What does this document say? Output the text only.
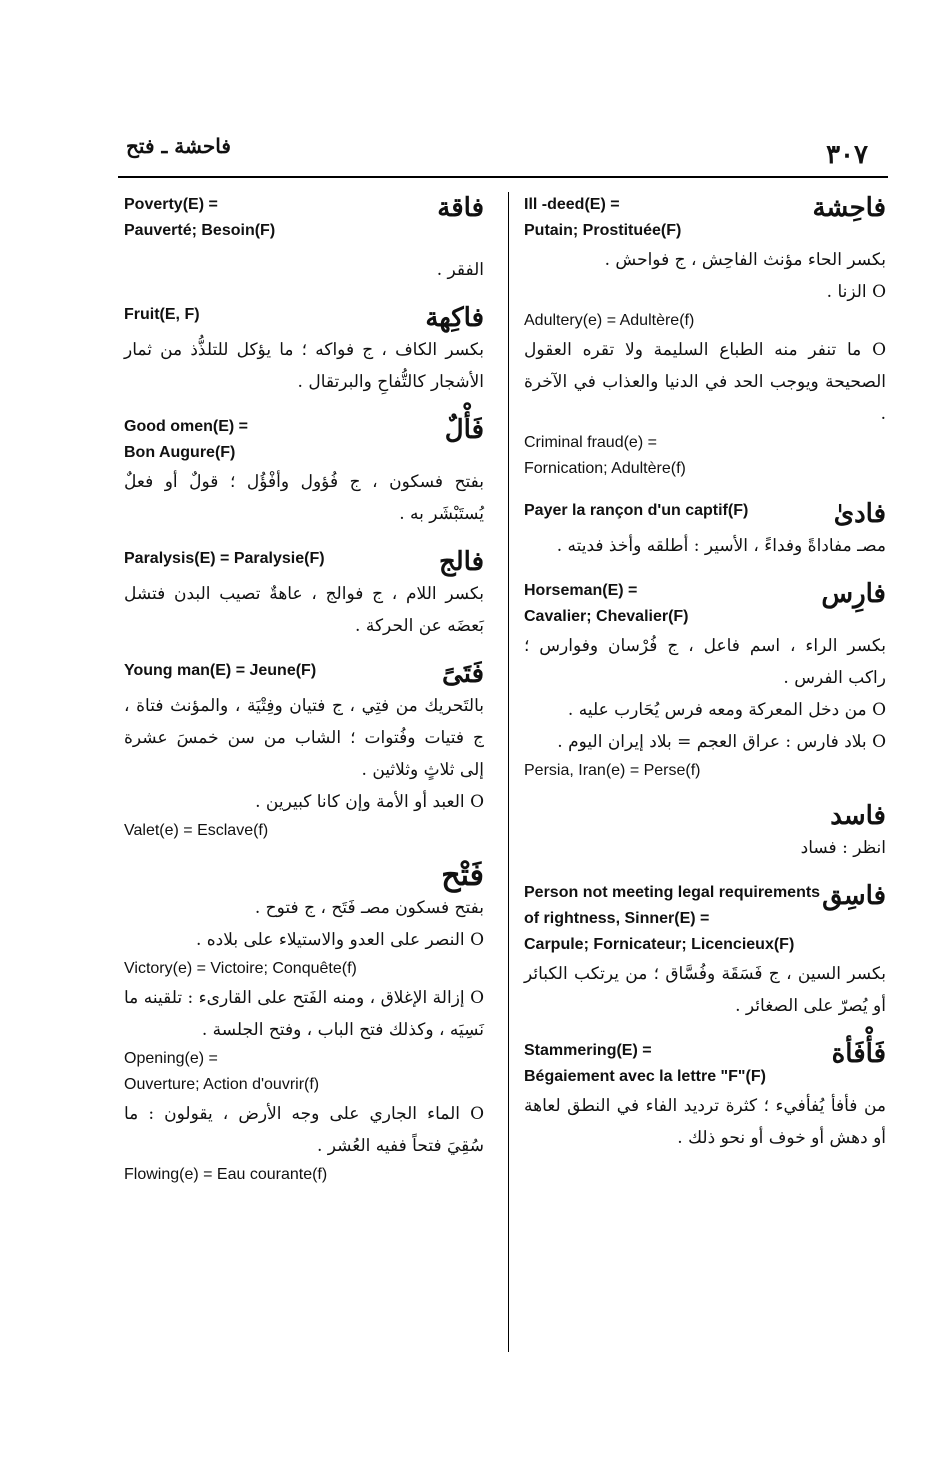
٣٠٧
فاحشة ـ فتح
Ill -deed(E) =
Putain; Prostituée(F)
فاحِشة
بكسر الحاء مؤنث الفاحِش ، ج فواحش .
O الزنا .
Adultery(e) = Adultère(f)
O ما تنفر منه الطباع السليمة ولا تقره العقول الصحيحة ويوجب الحد في الدنيا والعذاب في الآخرة .
Criminal fraud(e) =
Fornication; Adultère(f)
Payer la rançon d'un captif(F)	فادىٰ
مصـ مفاداةً وفداءً ، الأسير : أطلقه وأخذ فديته .
Horseman(E) =
Cavalier; Chevalier(F)
فارِس
بكسر الراء ، اسم فاعل ، ج فُرْسان وفوارس ؛ راكب الفرس .
O من دخل المعركة ومعه فرس يُحَارب عليه .
O بلاد فارس : عراق العجم = بلاد إيران اليوم .
Persia, Iran(e) = Perse(f)
فاسد
انظر : فساد
Person not meeting legal requirements of rightness, Sinner(E) =
فاسِق
Carpule; Fornicateur; Licencieux(F)
بكسر السين ، ج فَسَقَة وفُسَّاق ؛ من يرتكب الكبائر أو يُصرّ على الصغائر .
Stammering(E) =
Bégaiement avec la lettre "F"(F)
فَأْفَأة
من فأفأ يُفأفيء ؛ كثرة ترديد الفاء في النطق لعاهة أو دهش أو خوف أو نحو ذلك .
Poverty(E) =
Pauverté; Besoin(F)
فاقة
الفقر .
Fruit(E, F)	فاكِهة
بكسر الكاف ، ج فواكه ؛ ما يؤكل للتلذُّذ من ثمار الأشجار كالتُّفاحِ والبرتقال .
Good omen(E) =
Bon Augure(F)
فَأْلٌ
بفتح فسكون ، ج فُؤول وأفْؤُل ؛ قولٌ أو فعلٌ يُستَبْشَر به .
Paralysis(E) = Paralysie(F)	فالج
بكسر اللام ، ج فوالج ، عاهةٌ تصيب البدن فتشل بَعضَه عن الحركة .
Young man(E) = Jeune(F)	فَتَىً
بالتَحريك من فتِي ، ج فتيان وفِتْيَة ، والمؤنث فتاة ، ج فتيات وفُتوات ؛ الشاب من سن خمسَ عشرة إلى ثلاثٍ وثلاثين .
O العبد أو الأمة وإن كانا كبيرين .
Valet(e) = Esclave(f)
فَتْح
بفتح فسكون مصـ فَتَح ، ج فتوح .
O النصر على العدو والاستيلاء على بلاده .
Victory(e) = Victoire; Conquête(f)
O إزالة الإغلاق ، ومنه الفَتح على القارىء : تلقينه ما نَسِيَه ، وكذلك فتح الباب ، وفتح الجلسة .
Opening(e) =
Ouverture; Action d'ouvrir(f)
O الماء الجاري على وجه الأرض ، يقولون : ما سُقِيَ فتحاً ففيه العُشر .
Flowing(e) = Eau courante(f)
